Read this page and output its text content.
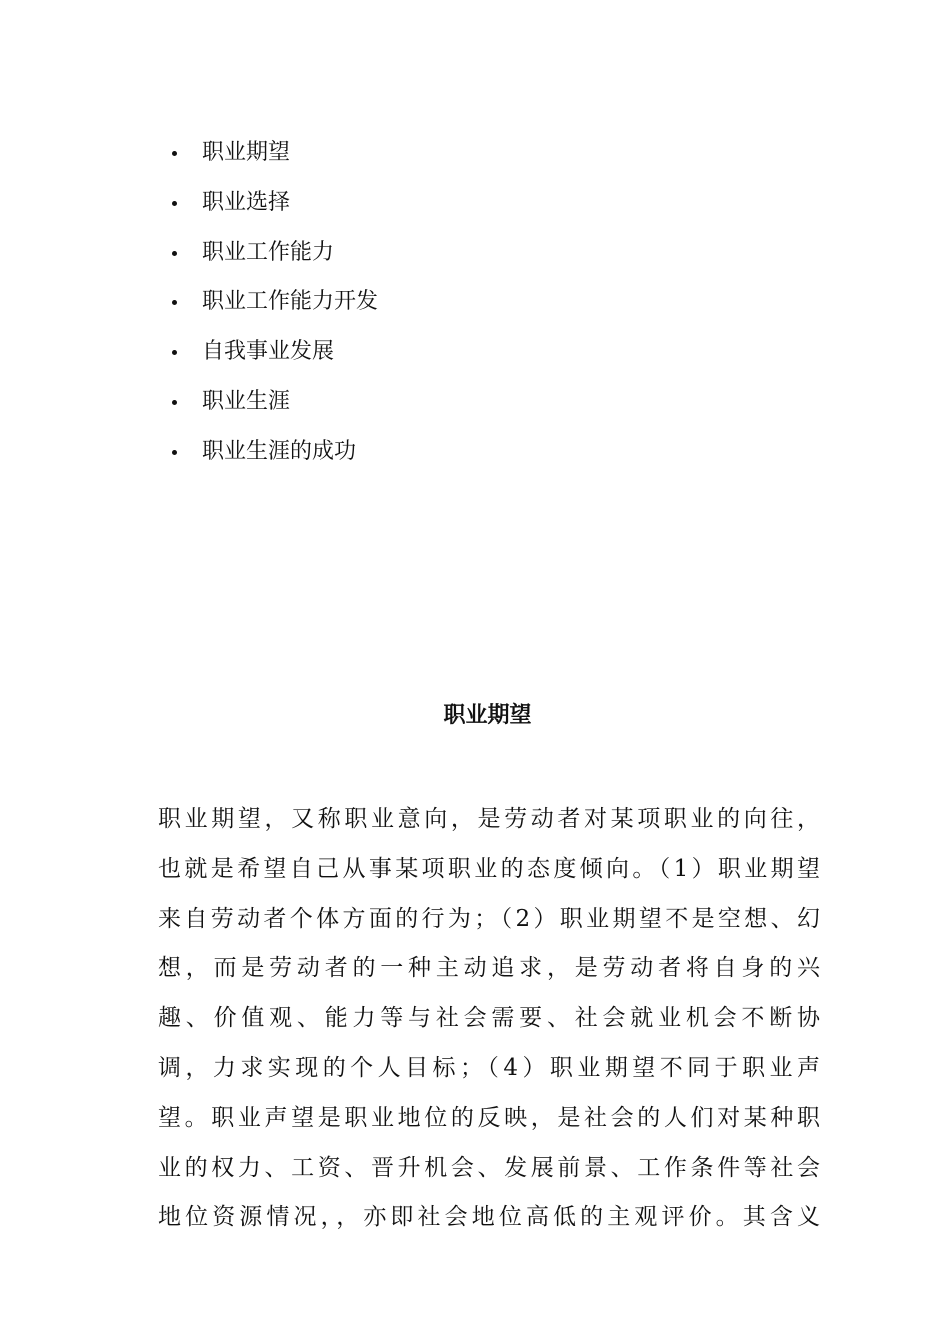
职业期望
职业选择
职业工作能力
职业工作能力开发
自我事业发展
职业生涯
职业生涯的成功
职业期望
职业期望，又称职业意向，是劳动者对某项职业的向往，
也就是希望自己从事某项职业的态度倾向。（1）职业期望
来自劳动者个体方面的行为；（2）职业期望不是空想、幻
想，而是劳动者的一种主动追求，是劳动者将自身的兴
趣、价值观、能力等与社会需要、社会就业机会不断协
调，力求实现的个人目标；（4）职业期望不同于职业声
望。职业声望是职业地位的反映，是社会的人们对某种职
业的权力、工资、晋升机会、发展前景、工作条件等社会
地位资源情况，，亦即社会地位高低的主观评价。其含义
